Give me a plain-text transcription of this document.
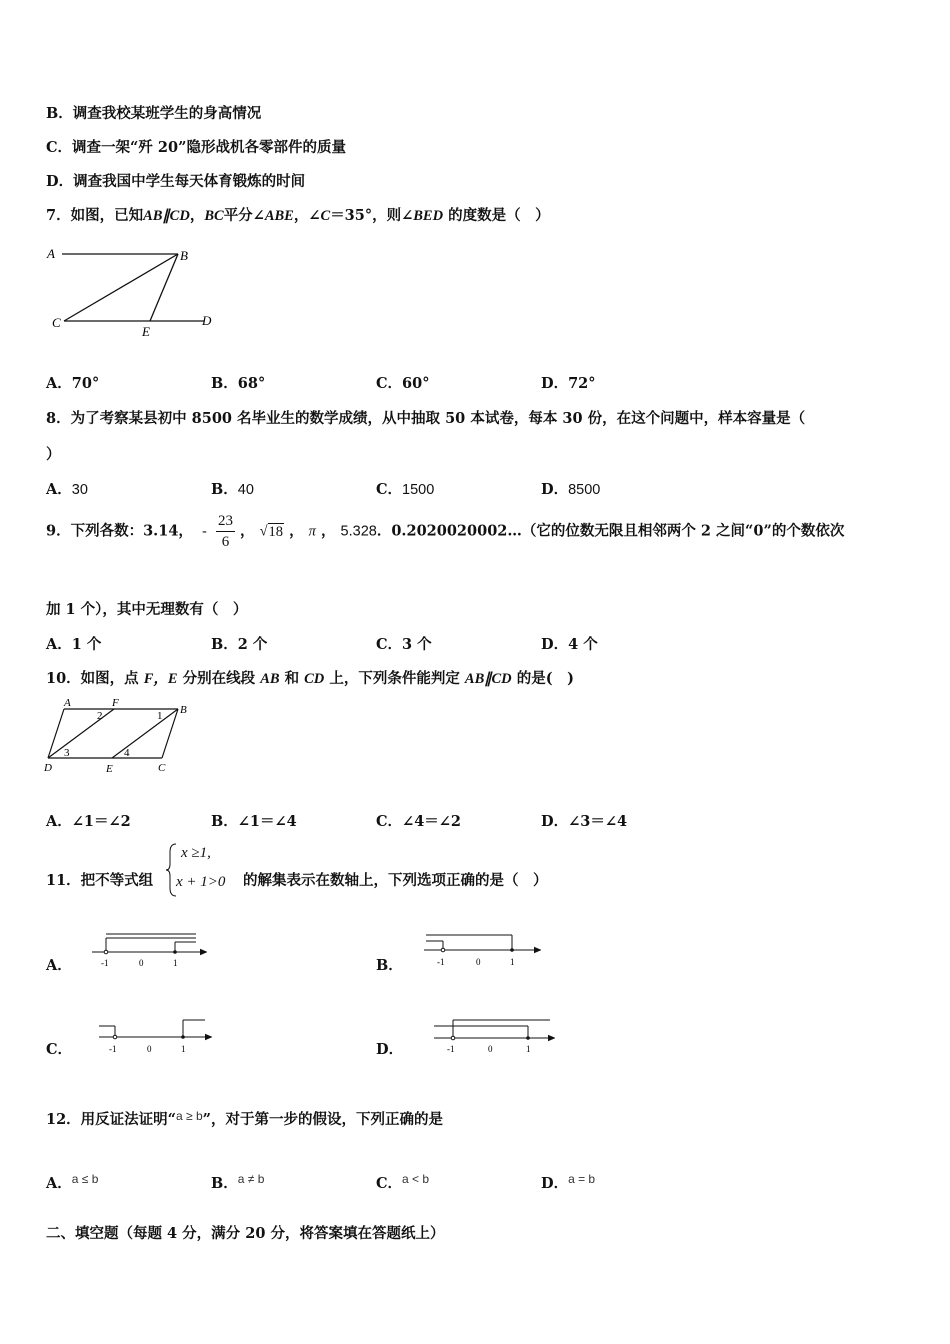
B．调查我校某班学生的身高情况
C．调查一架“歼 20”隐形战机各零部件的质量
D．调查我国中学生每天体育锻炼的时间
7．如图，已知AB∥CD，BC平分∠ABE，∠C＝35°，则∠BED 的度数是（　）
A	B
C	D
E
A．70°	B．68°	C．60°	D．72°
8．为了考察某县初中 8500 名毕业生的数学成绩，从中抽取 50 本试卷，每本 30 份，在这个问题中，样本容量是（
）
A．30	B．40	C．1500	D．8500
9．下列各数：3.14， - $\frac{23}{6}$ ， √18 ， π ， 5.328．0.2020020002…（它的位数无限且相邻两个 2 之间“0”的个数依次
加 1 个），其中无理数有（　）
A．1 个	B．2 个	C．3 个	D．4 个
10．如图，点 F，E 分别在线段 AB 和 CD 上，下列条件能判定 AB∥CD 的是(　)
A	F
B
D	E	C
1
2
3	4
A．∠1＝∠2	B．∠1＝∠4	C．∠4＝∠2	D．∠3＝∠4
11．把不等式组
x ≥1,
x + 1>0 的解集表示在数轴上，下列选项正确的是（　）
A．	-1	0	1	B．	-1	0	1
C．	-1	0	1	D．	-1	0	1
12．用反证法证明“$^{a \ge b}$”，对于第一步的假设，下列正确的是
A．$^{a \le b}$	B．$^{a \ne b}$	C．$^{a < b}$	D．$^{a = b}$
二、填空题（每题 4 分，满分 20 分，将答案填在答题纸上）
